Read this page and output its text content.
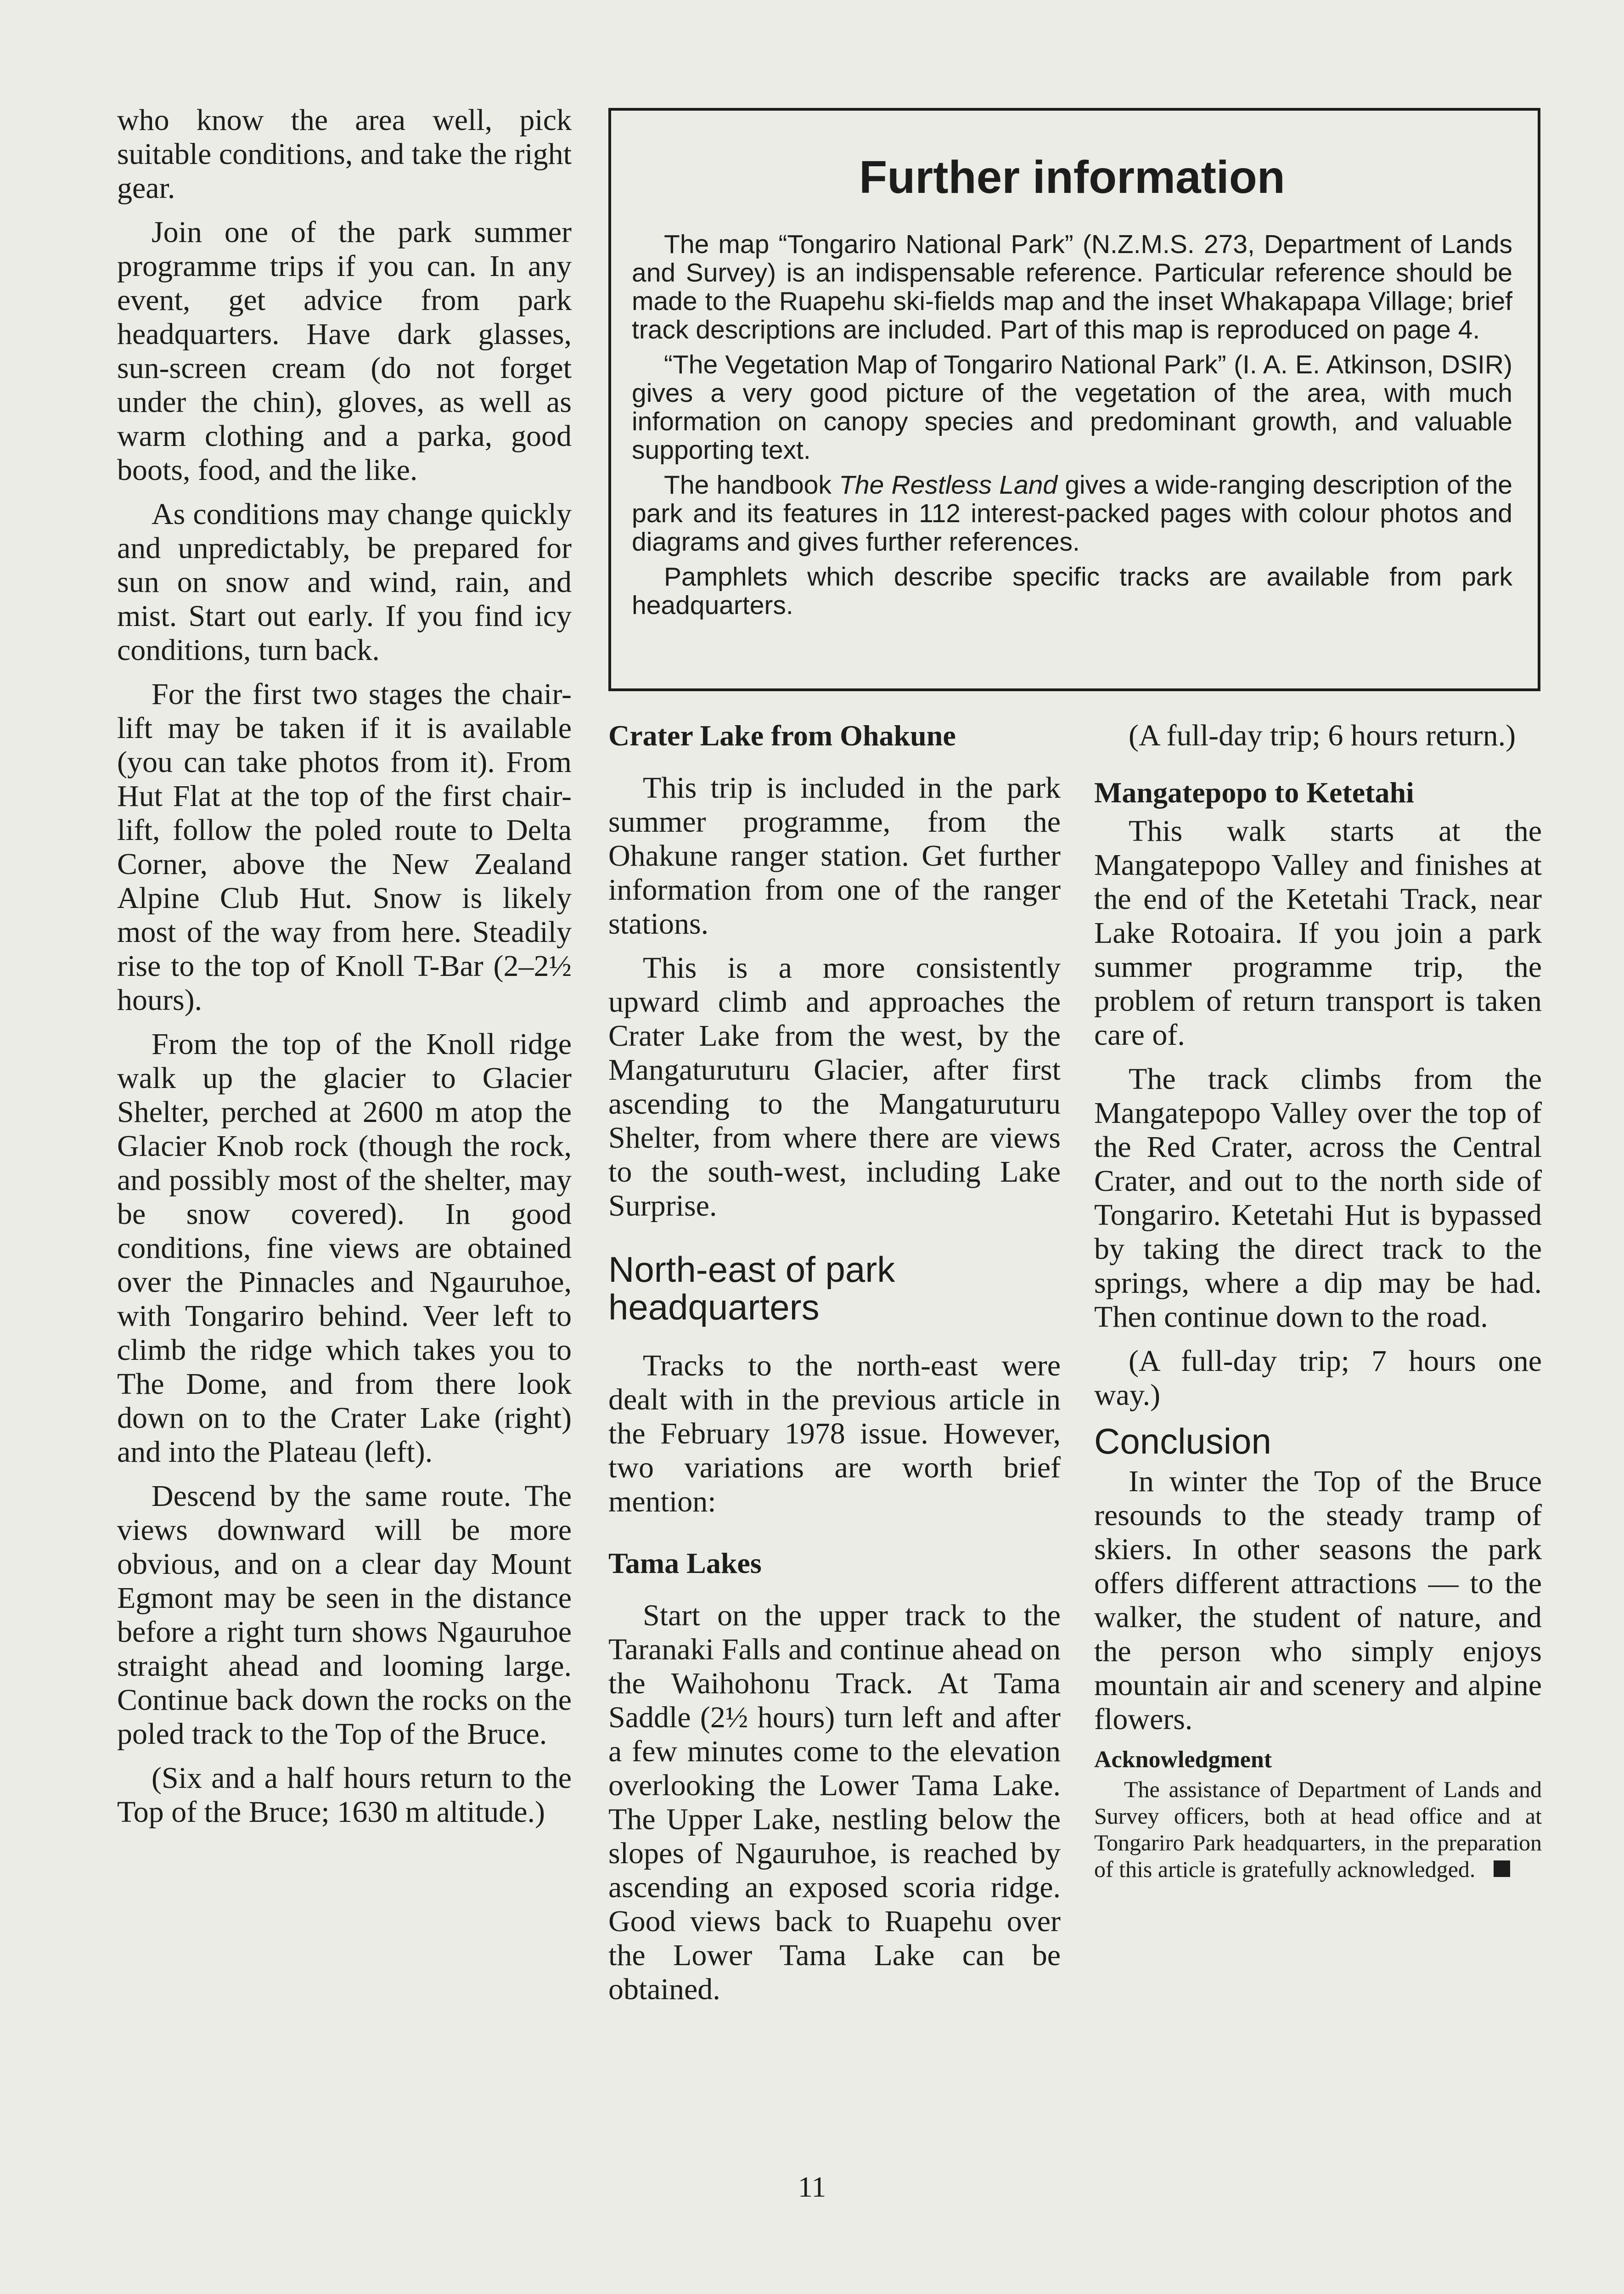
who know the area well, pick suitable conditions, and take the right gear.

Join one of the park summer programme trips if you can. In any event, get advice from park headquarters. Have dark glasses, sun-screen cream (do not forget under the chin), gloves, as well as warm clothing and a parka, good boots, food, and the like.

As conditions may change quickly and unpredictably, be prepared for sun on snow and wind, rain, and mist. Start out early. If you find icy conditions, turn back.

For the first two stages the chair-lift may be taken if it is available (you can take photos from it). From Hut Flat at the top of the first chair-lift, follow the poled route to Delta Corner, above the New Zealand Alpine Club Hut. Snow is likely most of the way from here. Steadily rise to the top of Knoll T-Bar (2–2½ hours).

From the top of the Knoll ridge walk up the glacier to Glacier Shelter, perched at 2600 m atop the Glacier Knob rock (though the rock, and possibly most of the shelter, may be snow covered). In good conditions, fine views are obtained over the Pinnacles and Ngauruhoe, with Tongariro behind. Veer left to climb the ridge which takes you to The Dome, and from there look down on to the Crater Lake (right) and into the Plateau (left).

Descend by the same route. The views downward will be more obvious, and on a clear day Mount Egmont may be seen in the distance before a right turn shows Ngauruhoe straight ahead and looming large. Continue back down the rocks on the poled track to the Top of the Bruce.

(Six and a half hours return to the Top of the Bruce; 1630 m altitude.)

Further information

The map “Tongariro National Park” (N.Z.M.S. 273, Department of Lands and Survey) is an indispensable reference. Particular reference should be made to the Ruapehu ski-fields map and the inset Whakapapa Village; brief track descriptions are included. Part of this map is reproduced on page 4.

“The Vegetation Map of Tongariro National Park” (I. A. E. Atkinson, DSIR) gives a very good picture of the vegetation of the area, with much information on canopy species and predominant growth, and valuable supporting text.

The handbook The Restless Land gives a wide-ranging description of the park and its features in 112 interest-packed pages with colour photos and diagrams and gives further references.

Pamphlets which describe specific tracks are available from park headquarters.

Crater Lake from Ohakune

This trip is included in the park summer programme, from the Ohakune ranger station. Get further information from one of the ranger stations.

This is a more consistently upward climb and approaches the Crater Lake from the west, by the Mangaturuturu Glacier, after first ascending to the Mangaturuturu Shelter, from where there are views to the south-west, including Lake Surprise.

North-east of park headquarters

Tracks to the north-east were dealt with in the previous article in the February 1978 issue. However, two variations are worth brief mention:

Tama Lakes

Start on the upper track to the Taranaki Falls and continue ahead on the Waihohonu Track. At Tama Saddle (2½ hours) turn left and after a few minutes come to the elevation overlooking the Lower Tama Lake. The Upper Lake, nestling below the slopes of Ngauruhoe, is reached by ascending an exposed scoria ridge. Good views back to Ruapehu over the Lower Tama Lake can be obtained.

(A full-day trip; 6 hours return.)

Mangatepopo to Ketetahi

This walk starts at the Mangatepopo Valley and finishes at the end of the Ketetahi Track, near Lake Rotoaira. If you join a park summer programme trip, the problem of return transport is taken care of.

The track climbs from the Mangatepopo Valley over the top of the Red Crater, across the Central Crater, and out to the north side of Tongariro. Ketetahi Hut is bypassed by taking the direct track to the springs, where a dip may be had. Then continue down to the road.

(A full-day trip; 7 hours one way.)

Conclusion

In winter the Top of the Bruce resounds to the steady tramp of skiers. In other seasons the park offers different attractions — to the walker, the student of nature, and the person who simply enjoys mountain air and scenery and alpine flowers.

Acknowledgment

The assistance of Department of Lands and Survey officers, both at head office and at Tongariro Park headquarters, in the preparation of this article is gratefully acknowledged.

11
